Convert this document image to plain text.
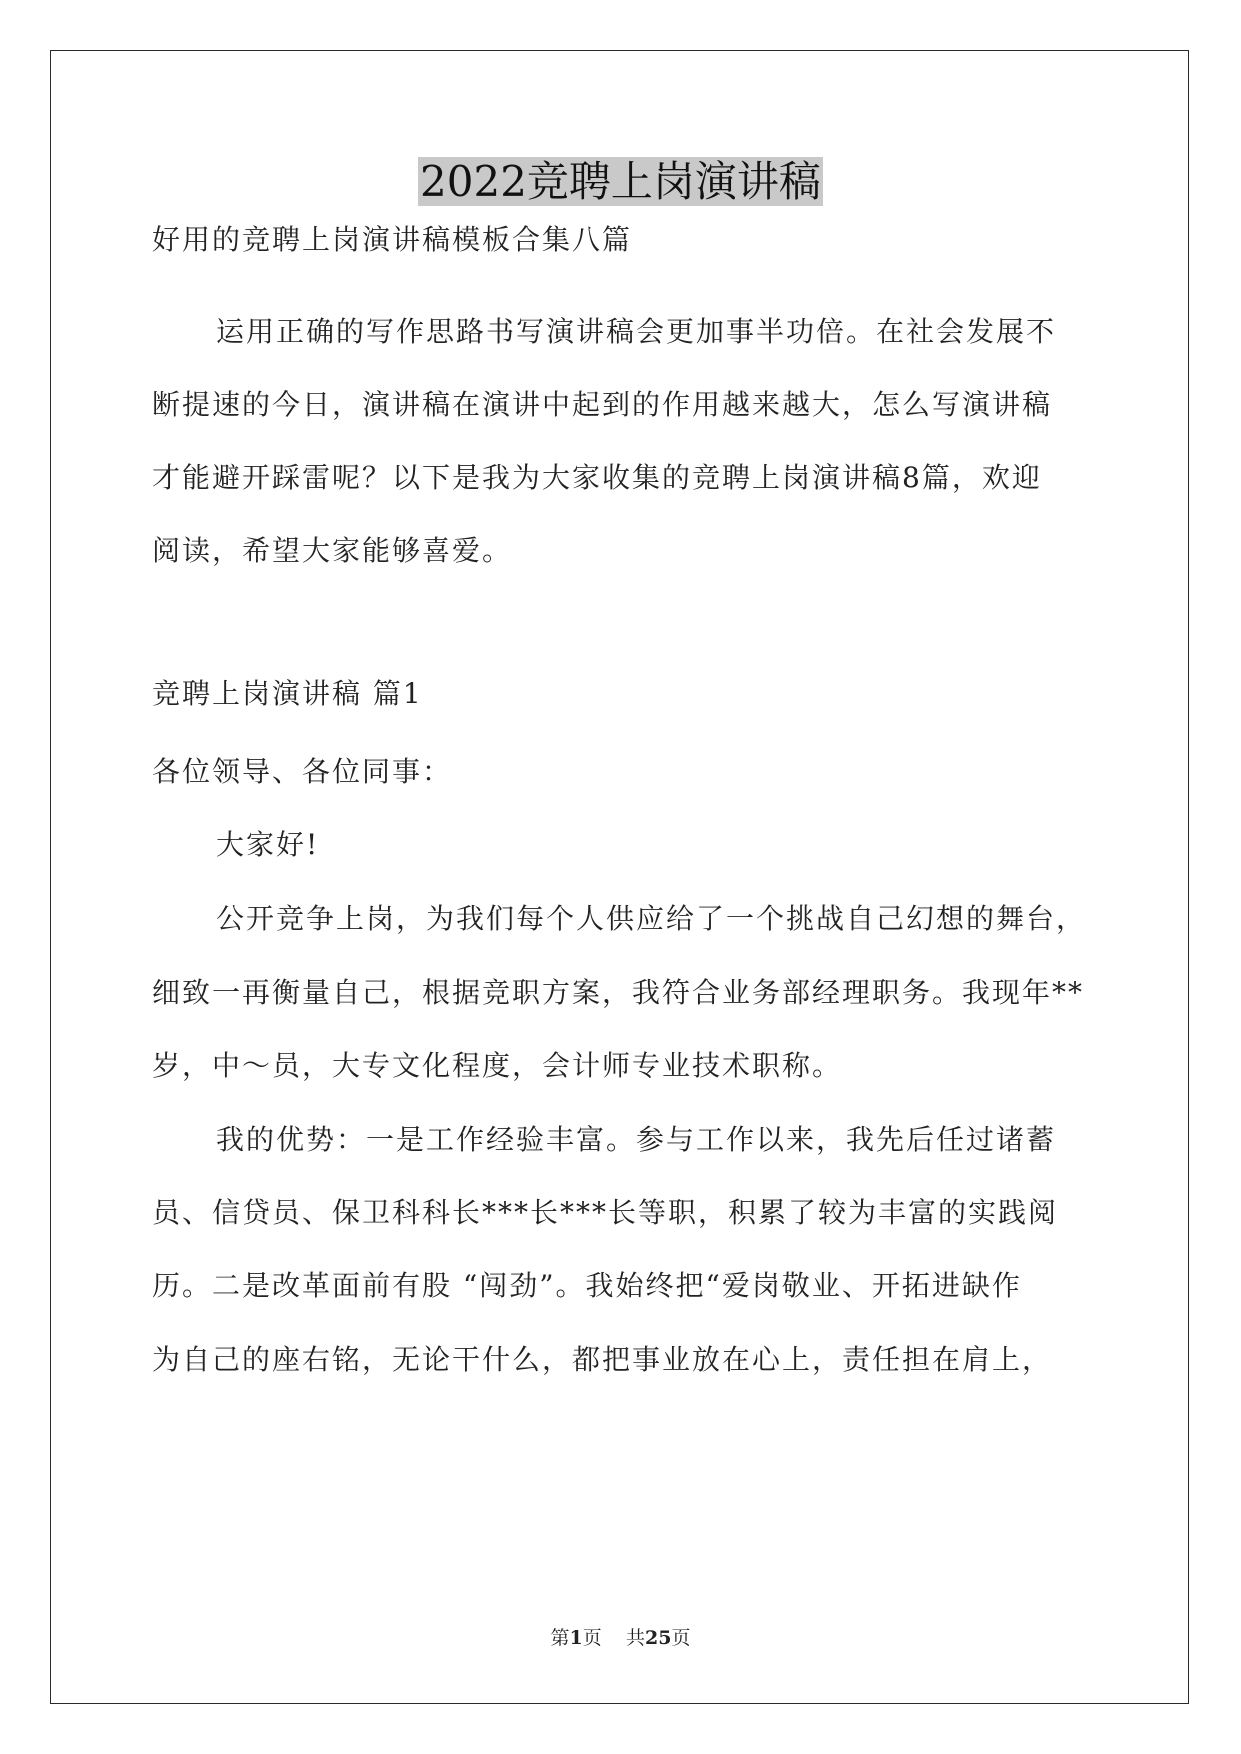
2022竞聘上岗演讲稿
好用的竞聘上岗演讲稿模板合集八篇
运用正确的写作思路书写演讲稿会更加事半功倍。在社会发展不
断提速的今日，演讲稿在演讲中起到的作用越来越大，怎么写演讲稿
才能避开踩雷呢？以下是我为大家收集的竞聘上岗演讲稿8篇，欢迎
阅读，希望大家能够喜爱。
竞聘上岗演讲稿 篇1
各位领导、各位同事：
大家好!
公开竞争上岗，为我们每个人供应给了一个挑战自己幻想的舞台，
细致一再衡量自己，根据竞职方案，我符合业务部经理职务。我现年**
岁，中～员，大专文化程度，会计师专业技术职称。
我的优势：一是工作经验丰富。参与工作以来，我先后任过诸蓄
员、信贷员、保卫科科长***长***长等职，积累了较为丰富的实践阅
历。二是改革面前有股 “闯劲”。我始终把“爱岗敬业、开拓进缺作
为自己的座右铭，无论干什么，都把事业放在心上，责任担在肩上，
第1页 共25页
